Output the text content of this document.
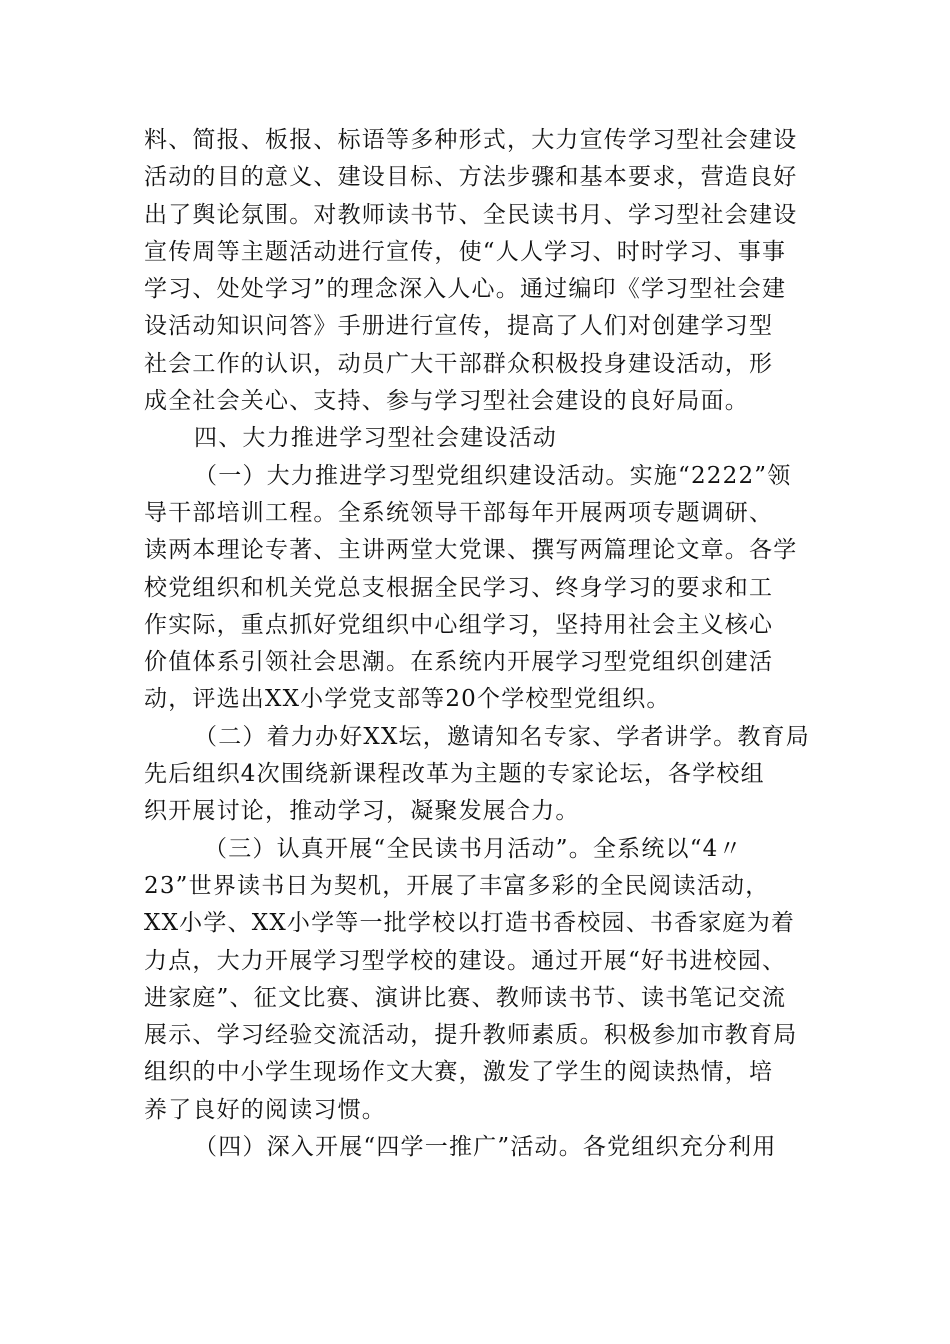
料、简报、板报、标语等多种形式，大力宣传学习型社会建设
活动的目的意义、建设目标、方法步骤和基本要求，营造良好
出了舆论氛围。对教师读书节、全民读书月、学习型社会建设
宣传周等主题活动进行宣传，使“人人学习、时时学习、事事
学习、处处学习”的理念深入人心。通过编印《学习型社会建
设活动知识问答》手册进行宣传，提高了人们对创建学习型
社会工作的认识，动员广大干部群众积极投身建设活动，形
成全社会关心、支持、参与学习型社会建设的良好局面。
四、大力推进学习型社会建设活动
（一）大力推进学习型党组织建设活动。实施“2222”领
导干部培训工程。全系统领导干部每年开展两项专题调研、
读两本理论专著、主讲两堂大党课、撰写两篇理论文章。各学
校党组织和机关党总支根据全民学习、终身学习的要求和工
作实际，重点抓好党组织中心组学习，坚持用社会主义核心
价值体系引领社会思潮。在系统内开展学习型党组织创建活
动，评选出XX小学党支部等20个学校型党组织。
（二）着力办好XX坛，邀请知名专家、学者讲学。教育局
先后组织4次围绕新课程改革为主题的专家论坛，各学校组
织开展讨论，推动学习，凝聚发展合力。
（三）认真开展“全民读书月活动”。全系统以“4〃
23”世界读书日为契机，开展了丰富多彩的全民阅读活动，
XX小学、XX小学等一批学校以打造书香校园、书香家庭为着
力点，大力开展学习型学校的建设。通过开展“好书进校园、
进家庭”、征文比赛、演讲比赛、教师读书节、读书笔记交流
展示、学习经验交流活动，提升教师素质。积极参加市教育局
组织的中小学生现场作文大赛，激发了学生的阅读热情，培
养了良好的阅读习惯。
（四）深入开展“四学一推广”活动。各党组织充分利用
